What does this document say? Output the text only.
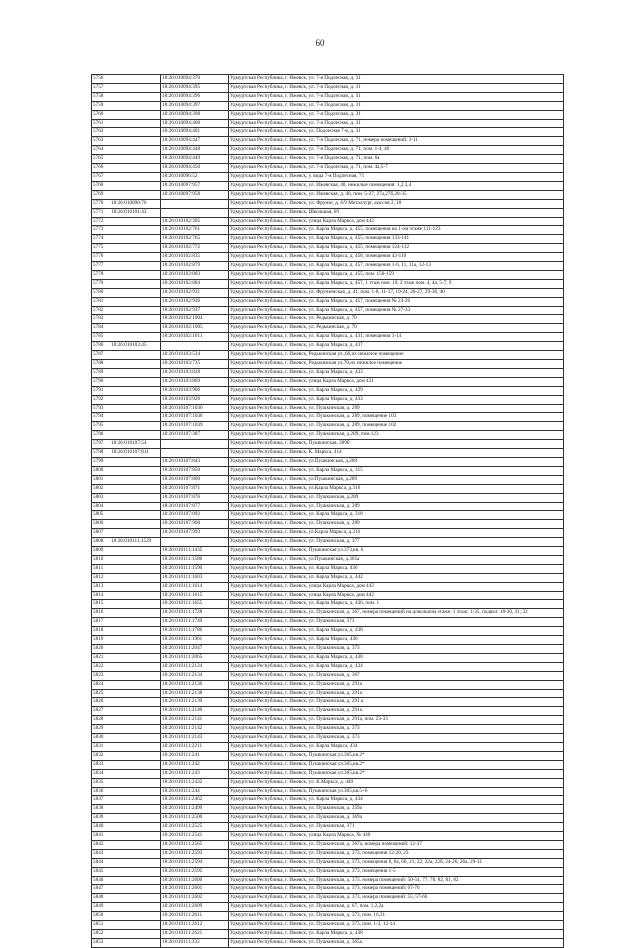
60
5756	18:26:010094:370	Удмуртская Республика, г. Ижевск, ул. 7-я Подлесная, д. 31
5757	18:26:010094:395	Удмуртская Республика, г. Ижевск, ул. 7-я Подлесная, д. 31
5758	18:26:010094:396	Удмуртская Республика, г. Ижевск, ул. 7-я Подлесная, д. 31
5759	18:26:010094:397	Удмуртская Республика, г. Ижевск, ул. 7-я Подлесная, д. 31
5760	18:26:010094:398	Удмуртская Республика, г. Ижевск, ул. 7-я Подлесная, д. 31
5761	18:26:010094:400	Удмуртская Республика, г. Ижевск, ул. 7-я Подлесная, д. 31
5762	18:26:010094:401	Удмуртская Республика, г. Ижевск, ул. Подлесная 7-я, д. 31
5763	18:26:010094:447	Удмуртская Республика, г. Ижевск, ул. 7-я Подлесная, д. 71, номера помещений: 1-11
5764	18:26:010094:448	Удмуртская Республика, г. Ижевск, ул. 7-я Подлесная, д. 71, пом. 1-4, 46
5765	18:26:010094:449	Удмуртская Республика, г. Ижевск, ул. 7-я Подлесная, д. 71, пом. 6а
5766	18:26:010094:450	Удмуртская Республика, г. Ижевск, ул. 7-я Подлесная, д. 71, пом. 4а,5-7
5767	18:26:010096:52	Удмуртская Республика, г. Ижевск, у. вида 7-я Подлесная, 71
5768	18:26:010097:957	Удмуртская Республика, г. Ижевск, ул. Ижевская, 40, нежилые помещения: 1,2,3,4
5769	18:26:010097:958	Удмуртская Республика, г. Ижевск, ул. Ижевская, д. 40, пом. 5-27, 27а,27б,28-35
5770 18:26:010098:76		Удмуртская Республика, г. Ижевск, ул. Фрунзе, д. 6/9 Металлург, массив 2, 18
5771 18:26:010101:43		Удмуртская Республика, г. Ижевск, Школьная, 69
5772	18:26:010102:395	Удмуртская Республика, г. Ижевск, улица Карла Маркса, дом 442
5773	18:26:010102:761	Удмуртская Республика, г. Ижевск, ул. Карла Маркса, д. 455, помещения на 1-ом этаже 111-123
5774	18:26:010102:765	Удмуртская Республика, г. Ижевск, ул. Карла Маркса, д. 455, помещения 133-141
5775	18:26:010102:772	Удмуртская Республика, г. Ижевск, ул. Карла Маркса, д. 455, помещения 124-132
5776	18:26:010102:835	Удмуртская Республика, г. Ижевск, ул. Карла Маркса, д. 458, помещения 42-110
5777	18:26:010102:879	Удмуртская Республика, г. Ижевск, ул. Карла Маркса, д. 457, помещения 1-6, 11, 11а, 12-13
5778	18:26:010102:883	Удмуртская Республика, г. Ижевск, ул. Карла Маркса, д. 455, пом. 150-159
5779	18:26:010102:884	Удмуртская Республика, г. Ижевск, ул. Карла Маркса, д. 457, 1 этаж пом. 10, 2 этаж пом. 4, 4а, 5-7, 9
5780	18:26:010102:931	Удмуртская Республика, г. Ижевск, ул. Фрунзенская, д. 41, пом. 1-8, 11-17, 19-24, 26-27, 29-38, 40
5781	18:26:010102:936	Удмуртская Республика, г. Ижевск, ул. Карла Маркса, д. 457, помещения № 23-26
5782	18:26:010102:937	Удмуртская Республика, г. Ижевск, ул. Карла Маркса, д. 457, помещения № 27-33
5783	18:26:010102:1004	Удмуртская Республика, г. Ижевск, ул. Редькинская, д. 70
5784	18:26:010102:1005	Удмуртская Республика, г. Ижевск, ул. Редькинская, д. 70
5785	18:26:010102:1011	Удмуртская Республика, г. Ижевск, ул. Карла Маркса, д. 431, помещения 1-14
5786 18:26:010103:45		Удмуртская Республика, г. Ижевск, ул. Карла Маркса, д. 437
5787	18:26:010103:534	Удмуртская Республика, г. Ижевск, Редькинская ул.,66,их нежилое помещение
5788	18:26:010103:735	Удмуртская Республика, г. Ижевск, Редькинская ул.70,их нежилое помещение
5789	18:26:010103:828	Удмуртская Республика, г. Ижевск, ул. Карла Маркса, д. 433
5790	18:26:010103:869	Удмуртская Республика, г. Ижевск, улица Карла Маркса, дом 431
5791	18:26:010103:906	Удмуртская Республика, г. Ижевск, ул. Карла Маркса, д. 429
5792	18:26:010103:926	Удмуртская Республика, г. Ижевск, ул. Карла Маркса, д. 433
5793	18:26:010107:1030	Удмуртская Республика, г. Ижевск, ул. Пушкинская, д. 289
5794	18:26:010107:1038	Удмуртская Республика, г. Ижевск, ул. Пушкинская, д. 289, помещение 103
5795	18:26:010107:1039	Удмуртская Республика, г. Ижевск, ул. Пушкинская, д. 289, помещение 102
5796	18:26:010107:387	Удмуртская Республика, г. Ижевск, ул. Пушкинская, д.289, пом.123
5797 18:26:010107:54		Удмуртская Республика, г. Ижевск, Пушкинская, 289б
5798 18:26:010107:811		Удмуртская Республика, г. Ижевск, К. Маркса, 414
5799	18:26:010107:843	Удмуртская Республика, г. Ижевск, ул.Пушкинская, д.289
5800	18:26:010107:850	Удмуртская Республика, г. Ижевск, ул. Карла Маркса, д. 315
5801	18:26:010107:860	Удмуртская Республика, г. Ижевск, ул.Пушкинская, д.289
5802	18:26:010107:871	Удмуртская Республика, г. Ижевск, ул.Карла Маркса, д.316
5803	18:26:010107:876	Удмуртская Республика, г. Ижевск, ул. Пушкинская, д.289
5804	18:26:010107:877	Удмуртская Республика, г. Ижевск, ул. Пушкинская, д. 289
5805	18:26:010107:892	Удмуртская Республика, г. Ижевск, ул. Карла Маркса, д. 318
5806	18:26:010107:908	Удмуртская Республика, г. Ижевск, ул. Пушкинская, д. 289
5807	18:26:010107:993	Удмуртская Республика, г. Ижевск, ул.Карла Маркса, д.316
5808 18:26:010111:1529		Удмуртская Республика, г. Ижевск, ул. Пушкинская, д. 377
5809	18:26:010111:1435	Удмуртская Республика, г. Ижевск, Пушкинская ул.373,кв. 6
5810	18:26:010111:1586	Удмуртская Республика, г. Ижевск, ул.Пушкинская, д.365а
5811	18:26:010111:1590	Удмуртская Республика, г. Ижевск, ул. Карла Маркса, 436
5812	18:26:010111:1603	Удмуртская Республика, г. Ижевск, ул. Карла Маркса, д. 442
5813	18:26:010111:1614	Удмуртская Республика, г. Ижевск, улица Карла Маркса, дом 442
5814	18:26:010111:1615	Удмуртская Республика, г. Ижевск, улица Карла Маркса, дом 442
5815	18:26:010111:1655	Удмуртская Республика, г. Ижевск, ул. Карла Маркса, д. 436, пом. 1
5816	18:26:010111:1728	Удмуртская Республика, г. Ижевск, ул. Пушкинская, д. 367, номера помещений на цокольном этаже: 1 этаж: 1-35, подвал: 18-20, 31, 32
5817	18:26:010111:1749	Удмуртская Республика, г. Ижевск, ул. Пушкинская, 373
5818	18:26:010111:1786	Удмуртская Республика, г. Ижевск, ул. Карла Маркса, д. 438
5819	18:26:010111:1961	Удмуртская Республика, г. Ижевск, ул. Карла Маркса, 436
5820	18:26:010111:2047	Удмуртская Республика, г. Ижевск, ул. Пушкинская, д. 373
5821	18:26:010111:2065	Удмуртская Республика, г. Ижевск, ул. Карла Маркса, д. 438
5822	18:26:010111:2124	Удмуртская Республика, г. Ижевск, ул. Карла Маркса, д. 434
5823	18:26:010111:2134	Удмуртская Республика, г. Ижевск, ул. Пушкинская, д. 367
5824	18:26:010111:2136	Удмуртская Республика, г. Ижевск, ул. Пушкинская, д. 291а
5825	18:26:010111:2138	Удмуртская Республика, г. Ижевск, ул. Пушкинская, д. 291а
5826	18:26:010111:2139	Удмуртская Республика, г. Ижевск, ул. Пушкинская, д. 291 а
5827	18:26:010111:2140	Удмуртская Республика, г. Ижевск, ул. Пушкинская, д. 291а
5828	18:26:010111:2141	Удмуртская Республика, г. Ижевск, ул. Пушкинская, д. 291а, пом. 23-33
5829	18:26:010111:2142	Удмуртская Республика, г. Ижевск, ул. Пушкинская, д. 373
5830	18:26:010111:2143	Удмуртская Республика, г. Ижевск, ул. Пушкинская, д. 373
5831	18:26:010111:2211	Удмуртская Республика, г. Ижевск, ул. Карла Маркса, 434
5832	18:26:010111:241	Удмуртская Республика, г. Ижевск, Пушкинская ул.365,кв.2*
5833	18:26:010111:242	Удмуртская Республика, г. Ижевск, Пушкинская ул.365,кв.2*
5834	18:26:010111:243	Удмуртская Республика, г. Ижевск, Пушкинская ул.365,кв.2*
5835	18:26:010111:2432	Удмуртская Республика, г. Ижевск, ул. К.Маркса, д. 440
5836	18:26:010111:244	Удмуртская Республика, г. Ижевск, Пушкинская ул.365,кв.5+6
5837	18:26:010111:2462	Удмуртская Республика, г. Ижевск, ул. Карла Маркса, д. 434
5838	18:26:010111:2499	Удмуртская Республика, г. Ижевск, ул. Пушкинская, д. 359а
5839	18:26:010111:2500	Удмуртская Республика, г. Ижевск, ул. Пушкинская, д. 369а
5840	18:26:010111:2525	Удмуртская Республика, г. Ижевск, ул. Пушкинская, 371
5841	18:26:010111:2541	Удмуртская Республика, г. Ижевск, улица Карла Маркса, № 440
5842	18:26:010111:2565	Удмуртская Республика, г. Ижевск, ул. Пушкинская, д. 367а, номера помещений: 12-37
5843	18:26:010111:2593	Удмуртская Республика, г. Ижевск, ул. Пушкинская, д. 373, помещения 12-20, 23
5844	18:26:010111:2594	Удмуртская Республика, г. Ижевск, ул. Пушкинская, д. 373, помещения 6, 6а, 6б, 21, 22, 22а, 22б, 24-26, 26а, 29-31
5845	18:26:010111:2595	Удмуртская Республика, г. Ижевск, ул. Пушкинская, д. 373, помещения 1-5
5846	18:26:010111:2600	Удмуртская Республика, г. Ижевск, ул. Пушкинская, д. 373, номера помещений: 50-54, 77, 78, 82, 81, 82
5847	18:26:010111:2601	Удмуртская Республика, г. Ижевск, ул. Пушкинская, д. 373, номера помещений: 67-76
5848	18:26:010111:2602	Удмуртская Республика, г. Ижевск, ул. Пушкинская, д. 373, номера помещений: 55, 57-66
5849	18:26:010111:2609	Удмуртская Республика, г. Ижевск, ул. Пушкинская, д. 67, пом. 1,2,2а
5850	18:26:010111:2611	Удмуртская Республика, г. Ижевск, ул. Пушкинская, д. 373, пом. 16,31
5851	18:26:010111:2612	Удмуртская Республика, г. Ижевск, ул. Пушкинская, д. 373, пом. 1-3, 12-14
5852	18:26:010111:2621	Удмуртская Республика, г. Ижевск, ул. Карла Маркса, д. 438
5853	18:26:010111:332	Удмуртская Республика, г. Ижевск, ул. Пушкинская, д. 365а
